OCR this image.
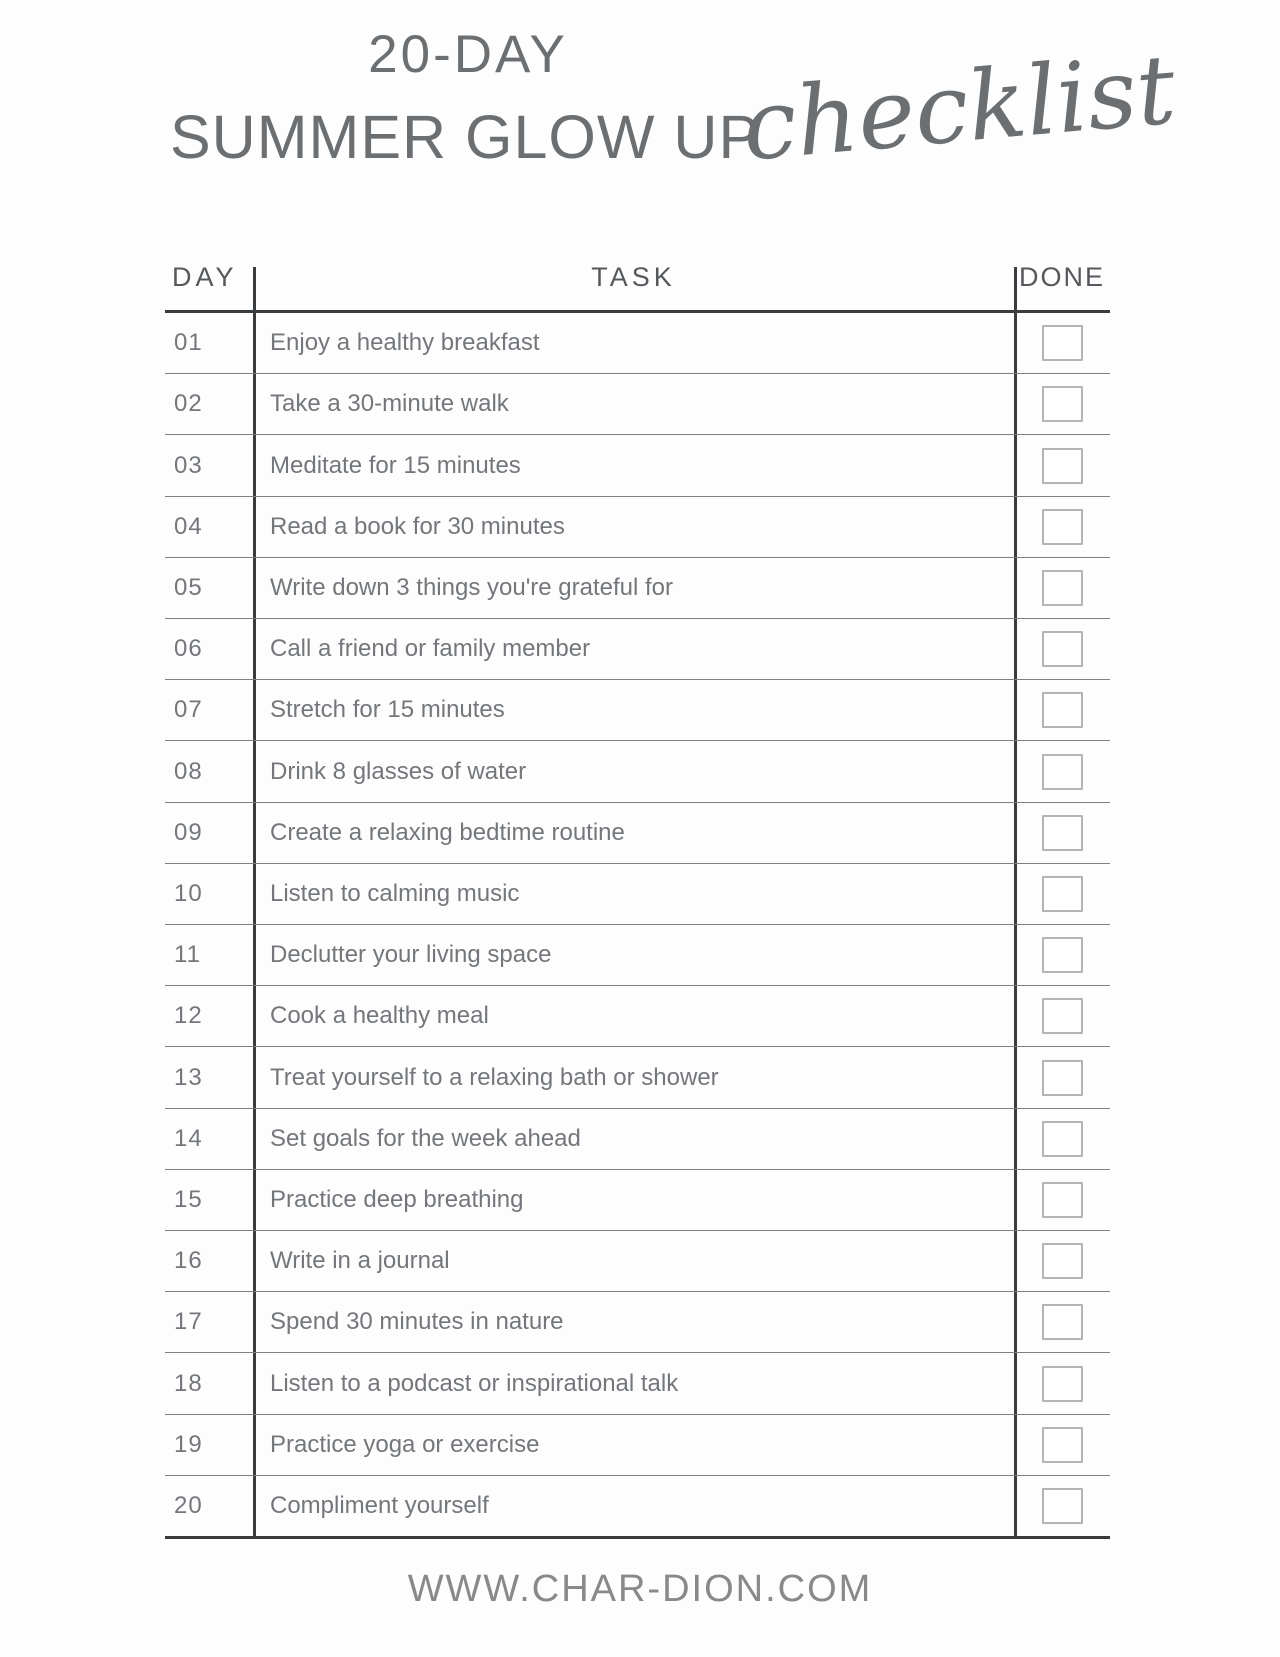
20-DAY
SUMMER GLOW UP
checklist
DAY	TASK	DONE
01	Enjoy a healthy breakfast
02	Take a 30-minute walk
03	Meditate for 15 minutes
04	Read a book for 30 minutes
05	Write down 3 things you're grateful for
06	Call a friend or family member
07	Stretch for 15 minutes
08	Drink 8 glasses of water
09	Create a relaxing bedtime routine
10	Listen to calming music
11	Declutter your living space
12	Cook a healthy meal
13	Treat yourself to a relaxing bath or shower
14	Set goals for the week ahead
15	Practice deep breathing
16	Write in a journal
17	Spend 30 minutes in nature
18	Listen to a podcast or inspirational talk
19	Practice yoga or exercise
20	Compliment yourself
WWW.CHAR-DION.COM
